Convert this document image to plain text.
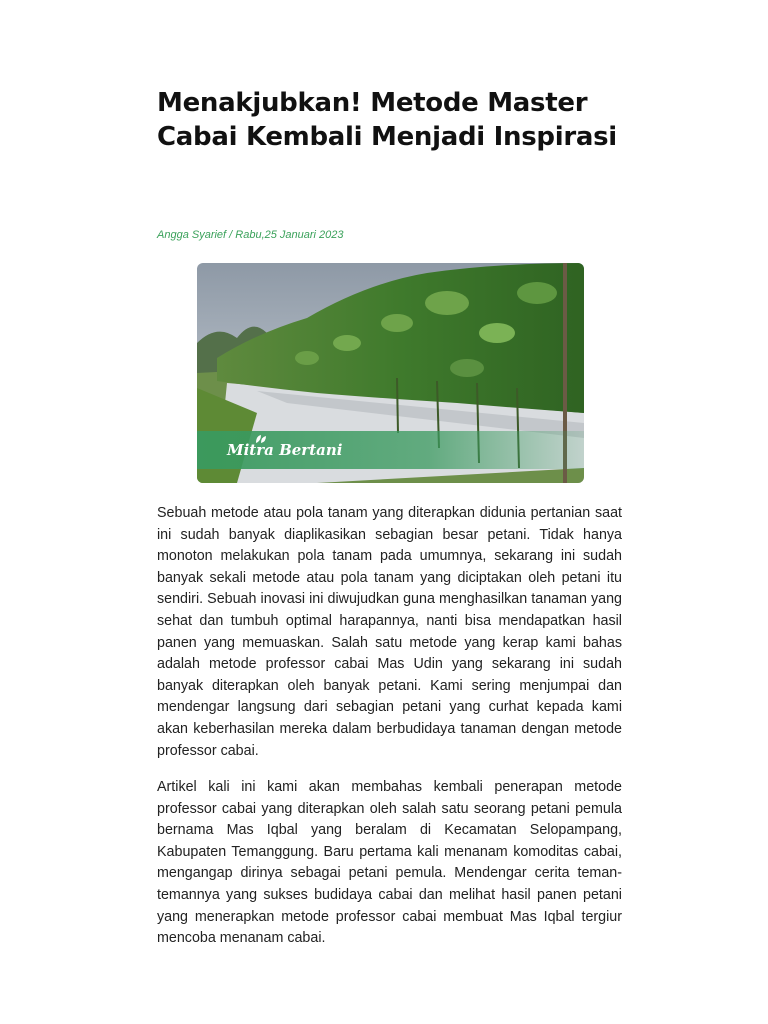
Menakjubkan! Metode Master Cabai Kembali Menjadi Inspirasi
Angga Syarief / Rabu,25 Januari 2023
Mitra Bertani

Sebuah metode atau pola tanam yang diterapkan didunia pertanian saat ini sudah banyak diaplikasikan sebagian besar petani. Tidak hanya monoton melakukan pola tanam pada umumnya, sekarang ini sudah banyak sekali metode atau pola tanam yang diciptakan oleh petani itu sendiri. Sebuah inovasi ini diwujudkan guna menghasilkan tanaman yang sehat dan tumbuh optimal harapannya, nanti bisa mendapatkan hasil panen yang memuaskan. Salah satu metode yang kerap kami bahas adalah metode professor cabai Mas Udin yang sekarang ini sudah banyak diterapkan oleh banyak petani. Kami sering menjumpai dan mendengar langsung dari sebagian petani yang curhat kepada kami akan keberhasilan mereka dalam berbudidaya tanaman dengan metode professor cabai.

Artikel kali ini kami akan membahas kembali penerapan metode professor cabai yang diterapkan oleh salah satu seorang petani pemula bernama Mas Iqbal yang beralam di Kecamatan Selopampang, Kabupaten Temanggung. Baru pertama kali menanam komoditas cabai, mengangap dirinya sebagai petani pemula. Mendengar cerita teman-temannya yang sukses budidaya cabai dan melihat hasil panen petani yang menerapkan metode professor cabai membuat Mas Iqbal tergiur mencoba menanam cabai.
